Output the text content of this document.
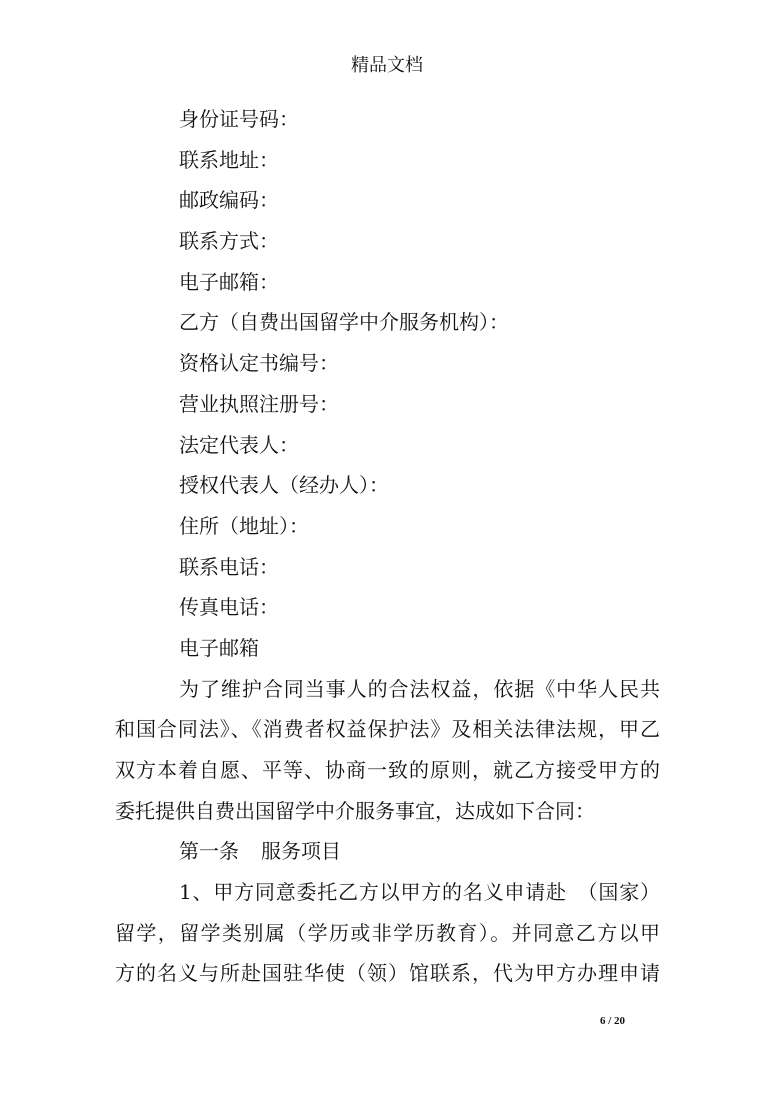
精品文档
身份证号码：
联系地址：
邮政编码：
联系方式：
电子邮箱：
乙方（自费出国留学中介服务机构）：
资格认定书编号：
营业执照注册号：
法定代表人：
授权代表人（经办人）：
住所（地址）：
联系电话：
传真电话：
电子邮箱
为了维护合同当事人的合法权益，依据《中华人民共
和国合同法》、《消费者权益保护法》及相关法律法规，甲乙
双方本着自愿、平等、协商一致的原则，就乙方接受甲方的
委托提供自费出国留学中介服务事宜，达成如下合同：
第一条 服务项目
1、甲方同意委托乙方以甲方的名义申请赴　（国家）
留学，留学类别属（学历或非学历教育）。并同意乙方以甲
方的名义与所赴国驻华使（领）馆联系，代为甲方办理申请
6 / 20
